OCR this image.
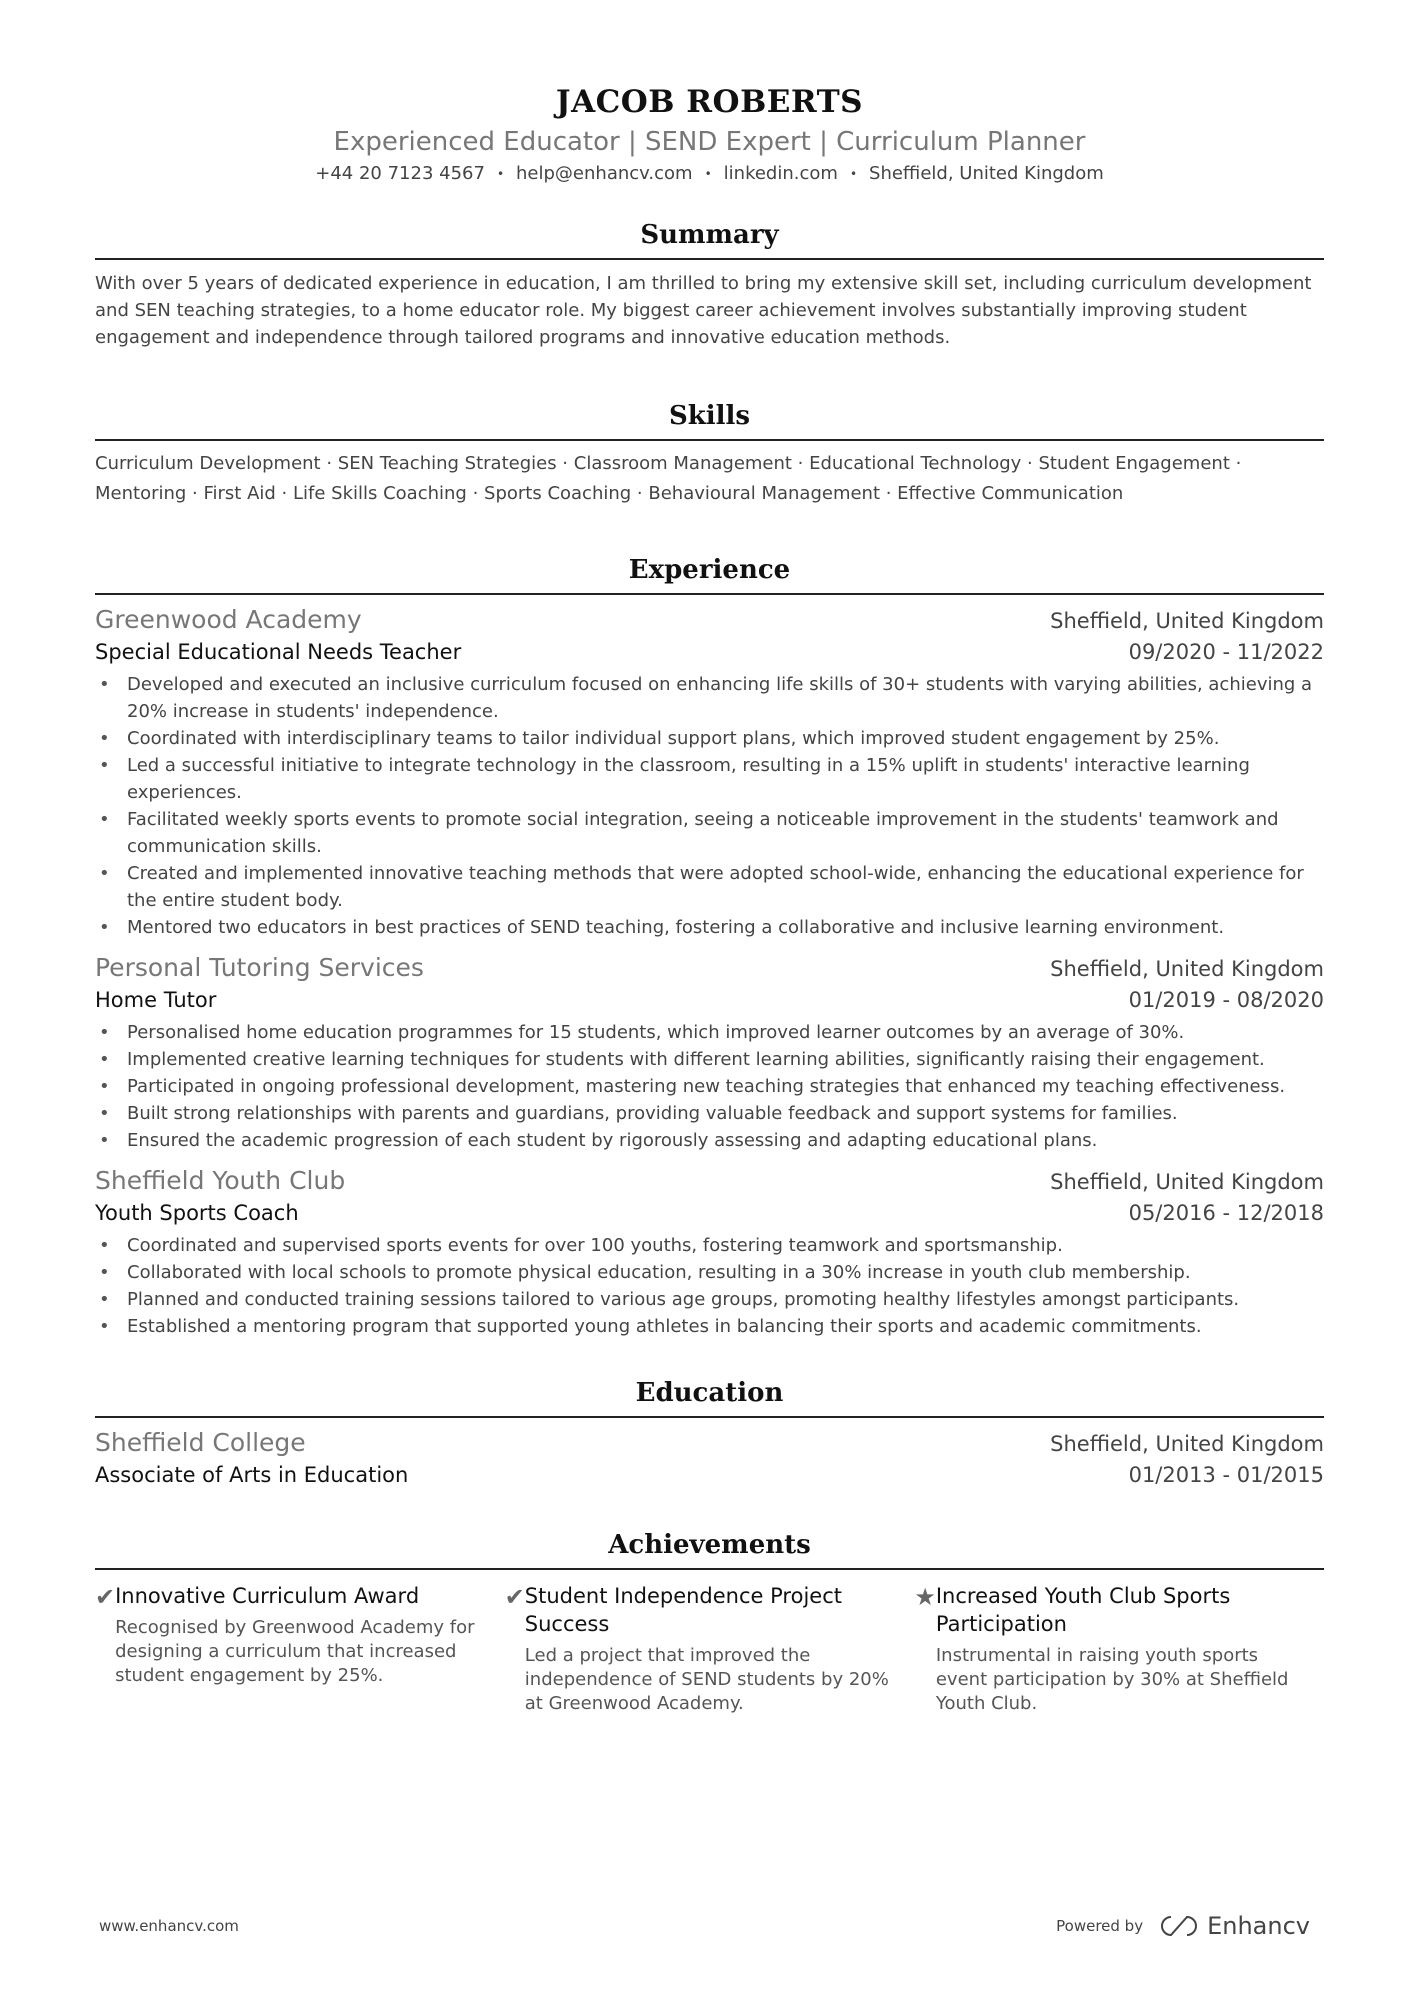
JACOB ROBERTS
Experienced Educator | SEND Expert | Curriculum Planner
+44 20 7123 4567 • help@enhancv.com • linkedin.com • Sheffield, United Kingdom
Summary

With over 5 years of dedicated experience in education, I am thrilled to bring my extensive skill set, including curriculum development and SEN teaching strategies, to a home educator role. My biggest career achievement involves substantially improving student engagement and independence through tailored programs and innovative education methods.

Skills

Curriculum Development · SEN Teaching Strategies · Classroom Management · Educational Technology · Student Engagement · Mentoring · First Aid · Life Skills Coaching · Sports Coaching · Behavioural Management · Effective Communication

Experience
Greenwood Academy	Sheffield, United Kingdom
Special Educational Needs Teacher	09/2020 - 11/2022
• Developed and executed an inclusive curriculum focused on enhancing life skills of 30+ students with varying abilities, achieving a 20% increase in students' independence.
• Coordinated with interdisciplinary teams to tailor individual support plans, which improved student engagement by 25%.
• Led a successful initiative to integrate technology in the classroom, resulting in a 15% uplift in students' interactive learning experiences.
• Facilitated weekly sports events to promote social integration, seeing a noticeable improvement in the students' teamwork and communication skills.
• Created and implemented innovative teaching methods that were adopted school-wide, enhancing the educational experience for the entire student body.
• Mentored two educators in best practices of SEND teaching, fostering a collaborative and inclusive learning environment.
Personal Tutoring Services	Sheffield, United Kingdom
Home Tutor	01/2019 - 08/2020
• Personalised home education programmes for 15 students, which improved learner outcomes by an average of 30%.
• Implemented creative learning techniques for students with different learning abilities, significantly raising their engagement.
• Participated in ongoing professional development, mastering new teaching strategies that enhanced my teaching effectiveness.
• Built strong relationships with parents and guardians, providing valuable feedback and support systems for families.
• Ensured the academic progression of each student by rigorously assessing and adapting educational plans.
Sheffield Youth Club	Sheffield, United Kingdom
Youth Sports Coach	05/2016 - 12/2018
• Coordinated and supervised sports events for over 100 youths, fostering teamwork and sportsmanship.
• Collaborated with local schools to promote physical education, resulting in a 30% increase in youth club membership.
• Planned and conducted training sessions tailored to various age groups, promoting healthy lifestyles amongst participants.
• Established a mentoring program that supported young athletes in balancing their sports and academic commitments.
Education
Sheffield College	Sheffield, United Kingdom
Associate of Arts in Education	01/2013 - 01/2015
Achievements
✔ Innovative Curriculum Award
Recognised by Greenwood Academy for designing a curriculum that increased student engagement by 25%.
✔ Student Independence Project Success
Led a project that improved the independence of SEND students by 20% at Greenwood Academy.
★ Increased Youth Club Sports Participation
Instrumental in raising youth sports event participation by 30% at Sheffield Youth Club.
www.enhancv.com	Powered by	Enhancv
